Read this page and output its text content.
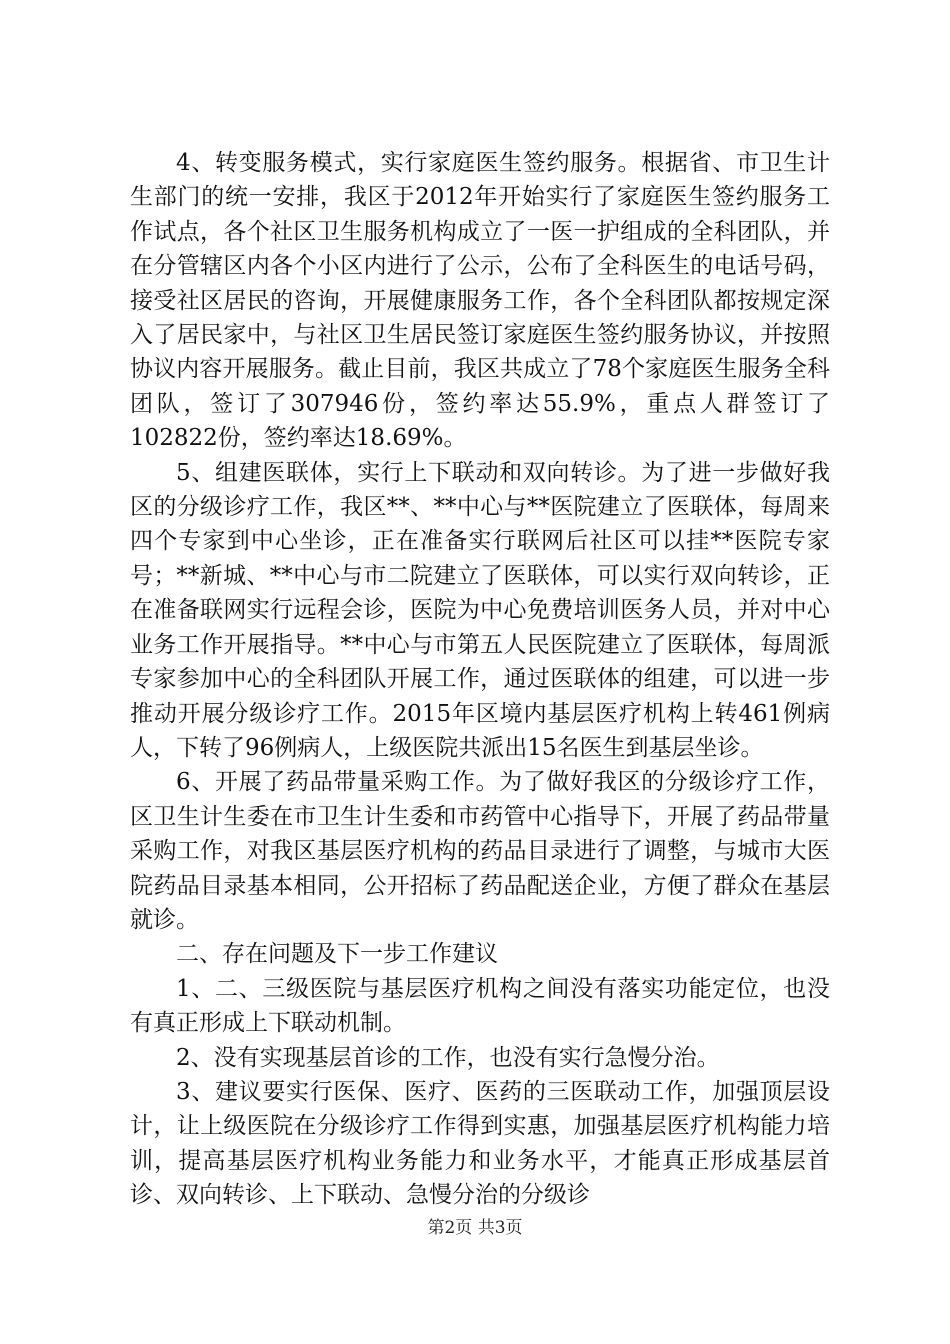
4、转变服务模式，实行家庭医生签约服务。根据省、市卫生计生部门的统一安排，我区于2012年开始实行了家庭医生签约服务工作试点，各个社区卫生服务机构成立了一医一护组成的全科团队，并在分管辖区内各个小区内进行了公示，公布了全科医生的电话号码，接受社区居民的咨询，开展健康服务工作，各个全科团队都按规定深入了居民家中，与社区卫生居民签订家庭医生签约服务协议，并按照协议内容开展服务。截止目前，我区共成立了78个家庭医生服务全科团队，签订了307946份，签约率达55.9%，重点人群签订了102822份，签约率达18.69%。

5、组建医联体，实行上下联动和双向转诊。为了进一步做好我区的分级诊疗工作，我区**、**中心与**医院建立了医联体，每周来四个专家到中心坐诊，正在准备实行联网后社区可以挂**医院专家号；**新城、**中心与市二院建立了医联体，可以实行双向转诊，正在准备联网实行远程会诊，医院为中心免费培训医务人员，并对中心业务工作开展指导。**中心与市第五人民医院建立了医联体，每周派专家参加中心的全科团队开展工作，通过医联体的组建，可以进一步推动开展分级诊疗工作。2015年区境内基层医疗机构上转461例病人，下转了96例病人，上级医院共派出15名医生到基层坐诊。

6、开展了药品带量采购工作。为了做好我区的分级诊疗工作，区卫生计生委在市卫生计生委和市药管中心指导下，开展了药品带量采购工作，对我区基层医疗机构的药品目录进行了调整，与城市大医院药品目录基本相同，公开招标了药品配送企业，方便了群众在基层就诊。

二、存在问题及下一步工作建议

1、二、三级医院与基层医疗机构之间没有落实功能定位，也没有真正形成上下联动机制。

2、没有实现基层首诊的工作，也没有实行急慢分治。

3、建议要实行医保、医疗、医药的三医联动工作，加强顶层设计，让上级医院在分级诊疗工作得到实惠，加强基层医疗机构能力培训，提高基层医疗机构业务能力和业务水平，才能真正形成基层首诊、双向转诊、上下联动、急慢分治的分级诊

第2页 共3页
